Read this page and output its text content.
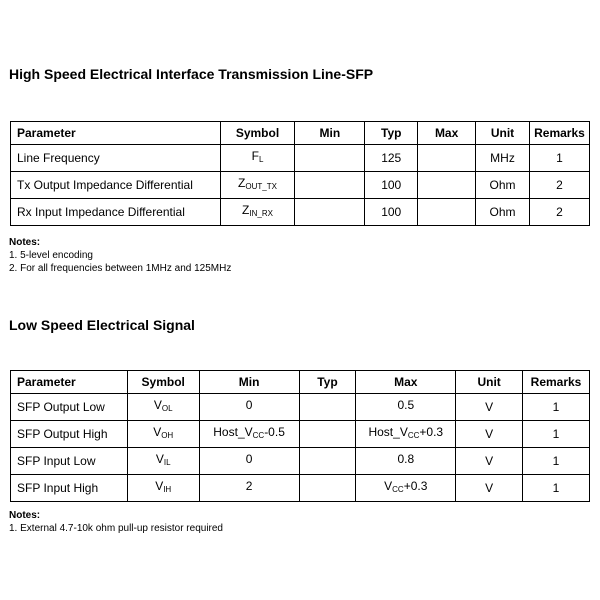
High Speed Electrical Interface Transmission Line-SFP
Parameter	Symbol	Min	Typ	Max	Unit	Remarks
Line Frequency	$F_L$		125		MHz	1
Tx Output Impedance Differential	$Z_{OUT\_TX}$		100		Ohm	2
Rx Input Impedance Differential	$Z_{IN\_RX}$		100		Ohm	2
Notes:
1. 5-level encoding
2. For all frequencies between 1MHz and 125MHz
Low Speed Electrical Signal
Parameter	Symbol	Min	Typ	Max	Unit	Remarks
SFP Output Low	$V_{OL}$	0		0.5	V	1
SFP Output High	$V_{OH}$	$Host\_V_{CC}-0.5$		$Host\_V_{CC}+0.3$	V	1
SFP Input Low	$V_{IL}$	0		0.8	V	1
SFP Input High	$V_{IH}$	2		$V_{CC}+0.3$	V	1
Notes:
1. External 4.7-10k ohm pull-up resistor required
